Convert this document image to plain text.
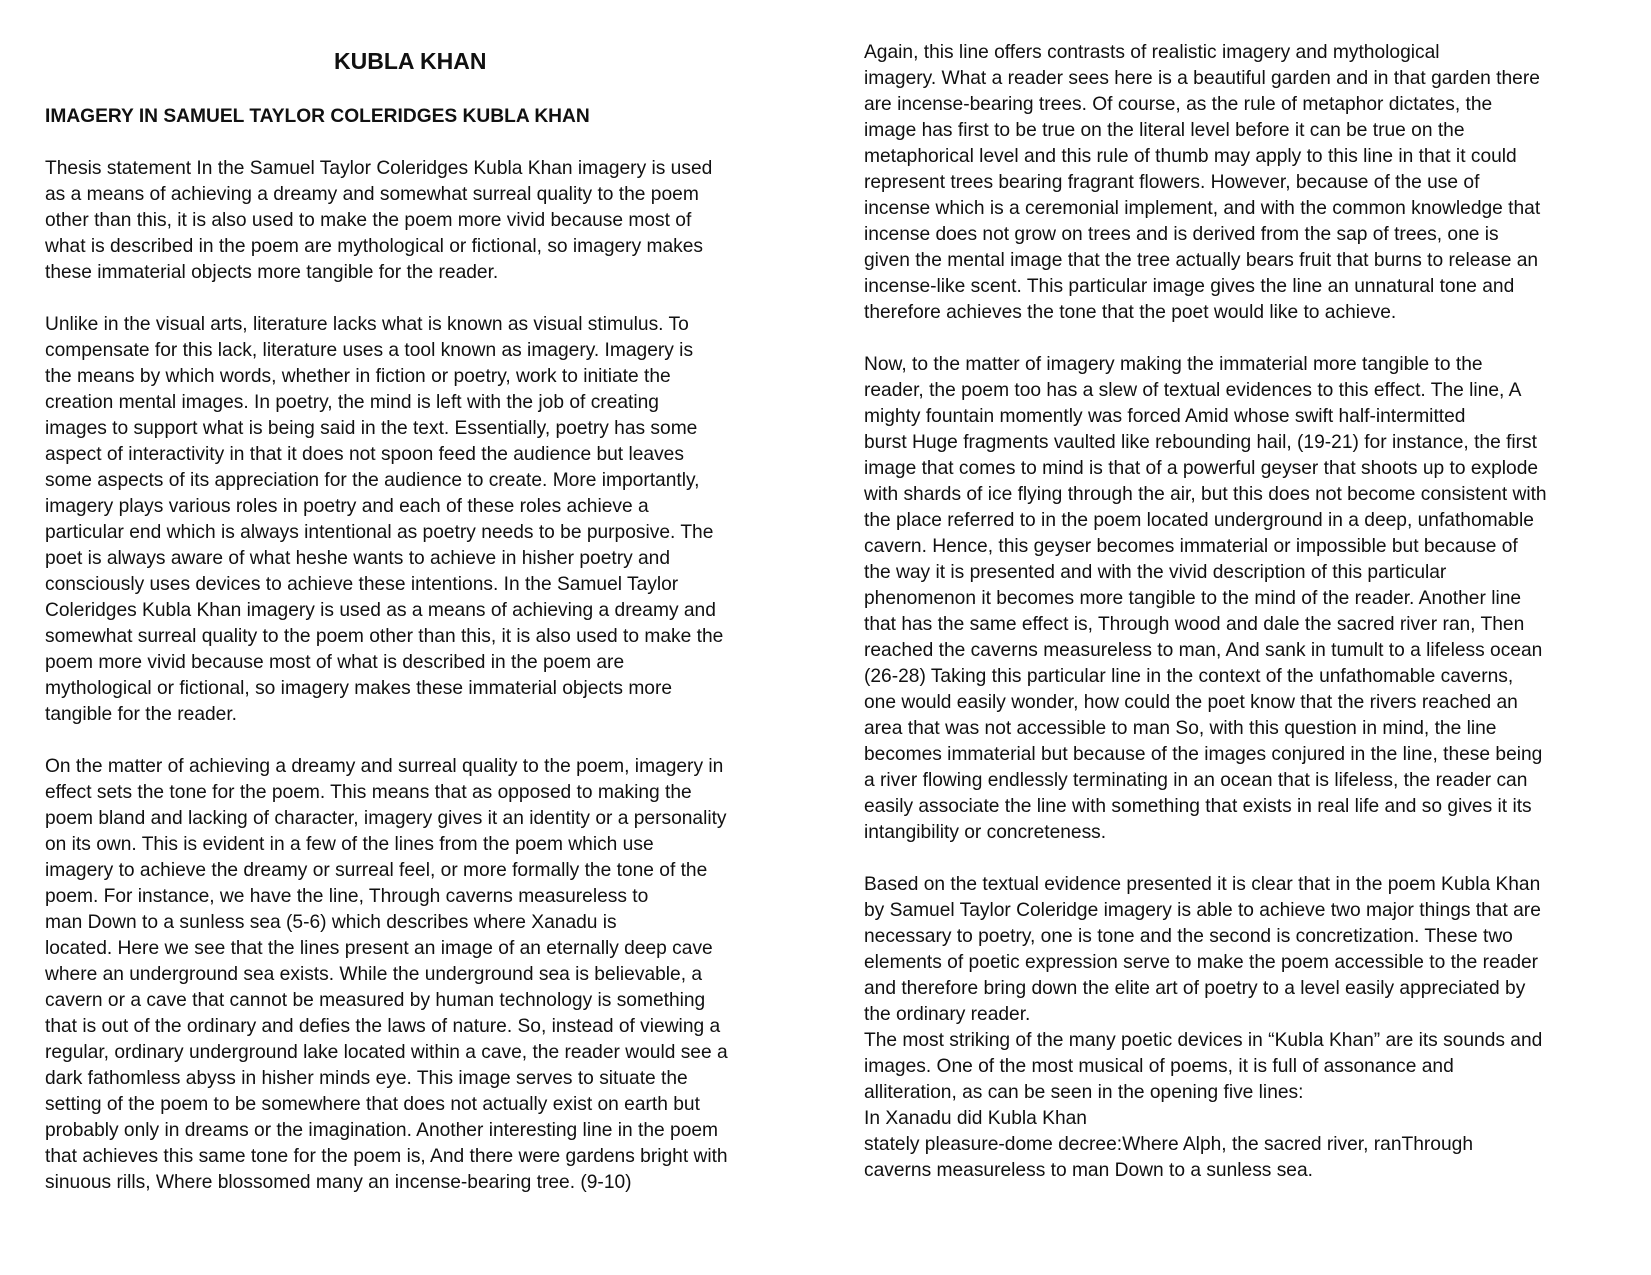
KUBLA KHAN
IMAGERY IN SAMUEL TAYLOR COLERIDGES KUBLA KHAN
Thesis statement In the Samuel Taylor Coleridges Kubla Khan imagery is used
as a means of achieving a dreamy and somewhat surreal quality to the poem
other than this, it is also used to make the poem more vivid because most of
what is described in the poem are mythological or fictional, so imagery makes
these immaterial objects more tangible for the reader.
Unlike in the visual arts, literature lacks what is known as visual stimulus. To
compensate for this lack, literature uses a tool known as imagery. Imagery is
the means by which words, whether in fiction or poetry, work to initiate the
creation mental images. In poetry, the mind is left with the job of creating
images to support what is being said in the text. Essentially, poetry has some
aspect of interactivity in that it does not spoon feed the audience but leaves
some aspects of its appreciation for the audience to create. More importantly,
imagery plays various roles in poetry and each of these roles achieve a
particular end which is always intentional as poetry needs to be purposive. The
poet is always aware of what heshe wants to achieve in hisher poetry and
consciously uses devices to achieve these intentions. In the Samuel Taylor
Coleridges Kubla Khan imagery is used as a means of achieving a dreamy and
somewhat surreal quality to the poem other than this, it is also used to make the
poem more vivid because most of what is described in the poem are
mythological or fictional, so imagery makes these immaterial objects more
tangible for the reader.
On the matter of achieving a dreamy and surreal quality to the poem, imagery in
effect sets the tone for the poem. This means that as opposed to making the
poem bland and lacking of character, imagery gives it an identity or a personality
on its own. This is evident in a few of the lines from the poem which use
imagery to achieve the dreamy or surreal feel, or more formally the tone of the
poem. For instance, we have the line, Through caverns measureless to
man Down to a sunless sea (5-6) which describes where Xanadu is
located. Here we see that the lines present an image of an eternally deep cave
where an underground sea exists. While the underground sea is believable, a
cavern or a cave that cannot be measured by human technology is something
that is out of the ordinary and defies the laws of nature. So, instead of viewing a
regular, ordinary underground lake located within a cave, the reader would see a
dark fathomless abyss in hisher minds eye. This image serves to situate the
setting of the poem to be somewhere that does not actually exist on earth but
probably only in dreams or the imagination. Another interesting line in the poem
that achieves this same tone for the poem is, And there were gardens bright with
sinuous rills, Where blossomed many an incense-bearing tree. (9-10)
Again, this line offers contrasts of realistic imagery and mythological
imagery. What a reader sees here is a beautiful garden and in that garden there
are incense-bearing trees. Of course, as the rule of metaphor dictates, the
image has first to be true on the literal level before it can be true on the
metaphorical level and this rule of thumb may apply to this line in that it could
represent trees bearing fragrant flowers. However, because of the use of
incense which is a ceremonial implement, and with the common knowledge that
incense does not grow on trees and is derived from the sap of trees, one is
given the mental image that the tree actually bears fruit that burns to release an
incense-like scent. This particular image gives the line an unnatural tone and
therefore achieves the tone that the poet would like to achieve.
Now, to the matter of imagery making the immaterial more tangible to the
reader, the poem too has a slew of textual evidences to this effect. The line, A
mighty fountain momently was forced Amid whose swift half-intermitted
burst Huge fragments vaulted like rebounding hail, (19-21) for instance, the first
image that comes to mind is that of a powerful geyser that shoots up to explode
with shards of ice flying through the air, but this does not become consistent with
the place referred to in the poem located underground in a deep, unfathomable
cavern. Hence, this geyser becomes immaterial or impossible but because of
the way it is presented and with the vivid description of this particular
phenomenon it becomes more tangible to the mind of the reader. Another line
that has the same effect is, Through wood and dale the sacred river ran, Then
reached the caverns measureless to man, And sank in tumult to a lifeless ocean
(26-28) Taking this particular line in the context of the unfathomable caverns,
one would easily wonder, how could the poet know that the rivers reached an
area that was not accessible to man So, with this question in mind, the line
becomes immaterial but because of the images conjured in the line, these being
a river flowing endlessly terminating in an ocean that is lifeless, the reader can
easily associate the line with something that exists in real life and so gives it its
intangibility or concreteness.
Based on the textual evidence presented it is clear that in the poem Kubla Khan
by Samuel Taylor Coleridge imagery is able to achieve two major things that are
necessary to poetry, one is tone and the second is concretization. These two
elements of poetic expression serve to make the poem accessible to the reader
and therefore bring down the elite art of poetry to a level easily appreciated by
the ordinary reader.
The most striking of the many poetic devices in “Kubla Khan” are its sounds and
images. One of the most musical of poems, it is full of assonance and
alliteration, as can be seen in the opening five lines:
In Xanadu did Kubla Khan
stately pleasure-dome decree:Where Alph, the sacred river, ranThrough
caverns measureless to man Down to a sunless sea.
